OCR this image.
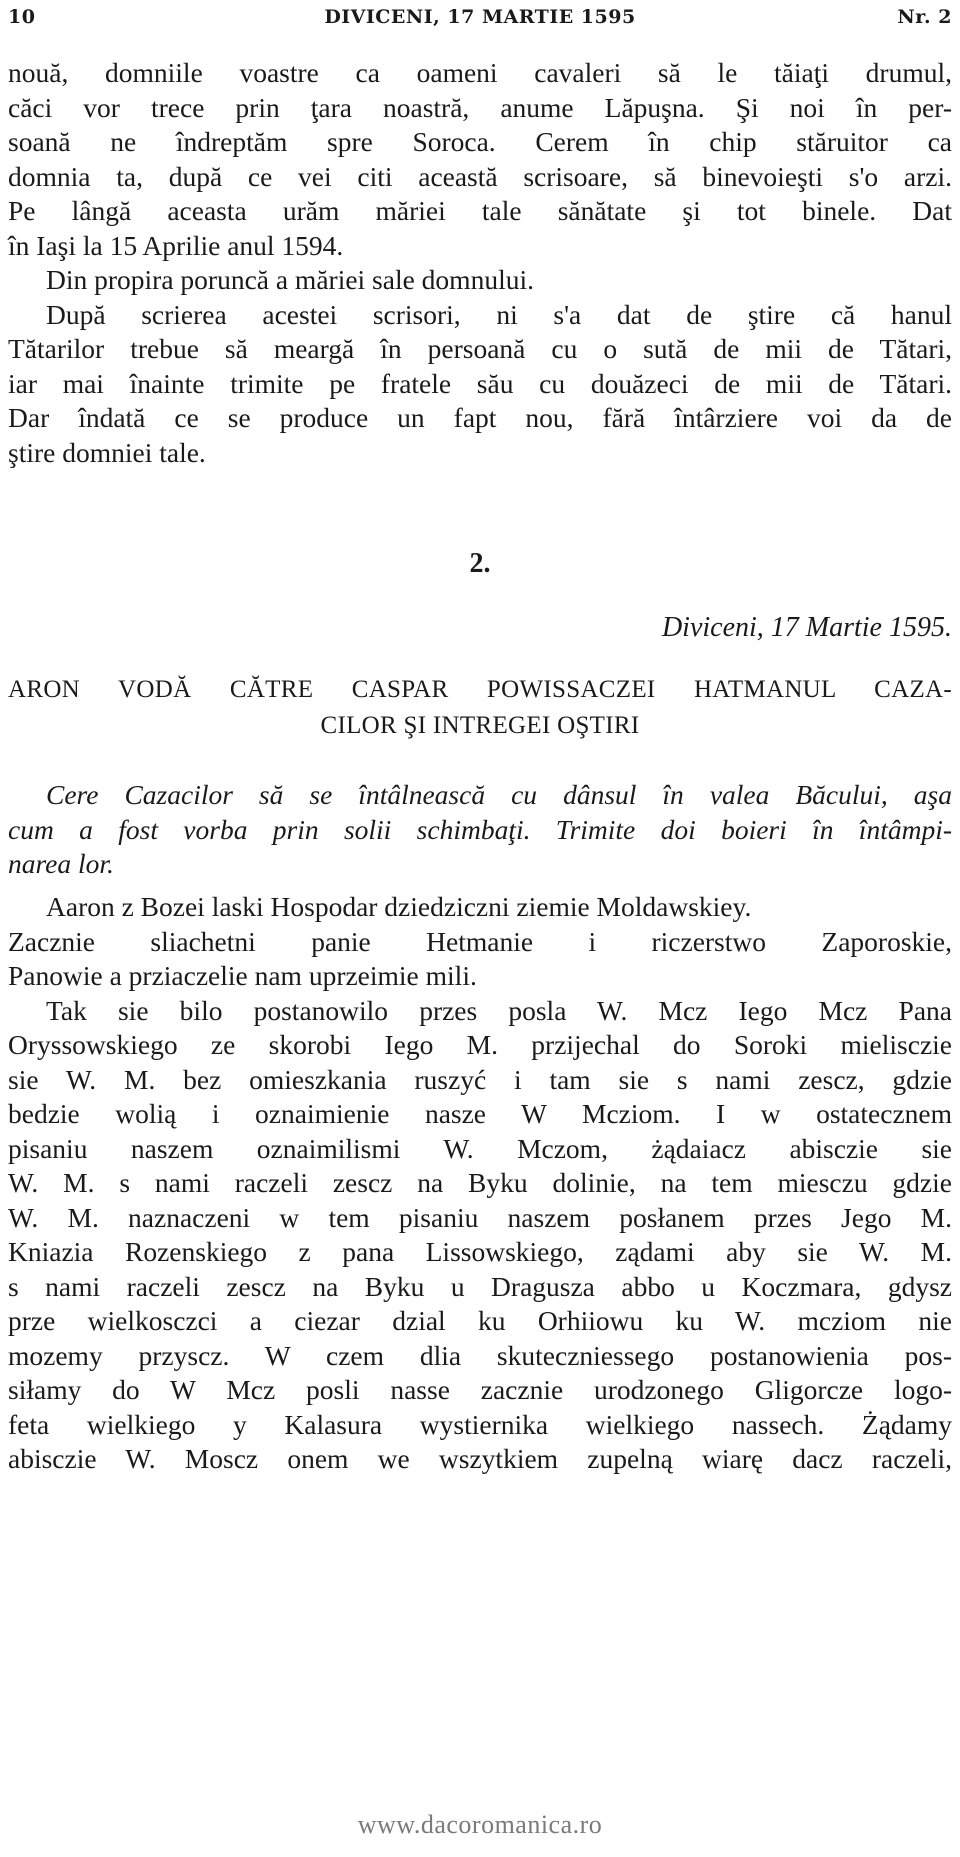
10	DIVICENI, 17 MARTIE 1595	Nr. 2
nouă, domniile voastre ca oameni cavaleri să le tăiaţi drumul,
căci vor trece prin ţara noastră, anume Lăpuşna. Şi noi în per-
soană ne îndreptăm spre Soroca. Cerem în chip stăruitor ca
domnia ta, după ce vei citi această scrisoare, să binevoieşti s'o arzi.
Pe lângă aceasta urăm măriei tale sănătate şi tot binele. Dat
în Iaşi la 15 Aprilie anul 1594.
Din propira poruncă a măriei sale domnului.
După scrierea acestei scrisori, ni s'a dat de ştire că hanul
Tătarilor trebue să meargă în persoană cu o sută de mii de Tătari,
iar mai înainte trimite pe fratele său cu douăzeci de mii de Tătari.
Dar îndată ce se produce un fapt nou, fără întârziere voi da de
ştire domniei tale.
2.
Diviceni, 17 Martie 1595.
ARON VODĂ CĂTRE CASPAR POWISSACZEI HATMANUL CAZA-
CILOR ŞI INTREGEI OŞTIRI
Cere Cazacilor să se întâlnească cu dânsul în valea Băcului, aşa
cum a fost vorba prin solii schimbaţi. Trimite doi boieri în întâmpi-
narea lor.
Aaron z Bozei laski Hospodar dziedziczni ziemie Moldawskiey.
Zacznie sliachetni panie Hetmanie i riczerstwo Zaporoskie,
Panowie a prziaczelie nam uprzeimie mili.
Tak sie bilo postanowilo przes posla W. Mcz Iego Mcz Pana
Oryssowskiego ze skorobi Iego M. przijechal do Soroki mielisczie
sie W. M. bez omieszkania ruszyć i tam sie s nami zescz, gdzie
bedzie wolią i oznaimienie nasze W Mcziom. I w ostatecznem
pisaniu naszem oznaimilismi W. Mczom, żądaiacz abisczie sie
W. M. s nami raczeli zescz na Byku dolinie, na tem miesczu gdzie
W. M. naznaczeni w tem pisaniu naszem posłanem przes Jego M.
Kniazia Rozenskiego z pana Lissowskiego, ządami aby sie W. M.
s nami raczeli zescz na Byku u Dragusza abbo u Koczmara, gdysz
prze wielkosczci a ciezar dzial ku Orhiiowu ku W. mcziom nie
mozemy przyscz. W czem dlia skuteczniessego postanowienia pos-
siłamy do W Mcz posli nasse zacznie urodzonego Gligorcze logo-
feta wielkiego y Kalasura wystiernika wielkiego nassech. Żądamy
abisczie W. Moscz onem we wszytkiem zupelną wiarę dacz raczeli,
www.dacoromanica.ro
